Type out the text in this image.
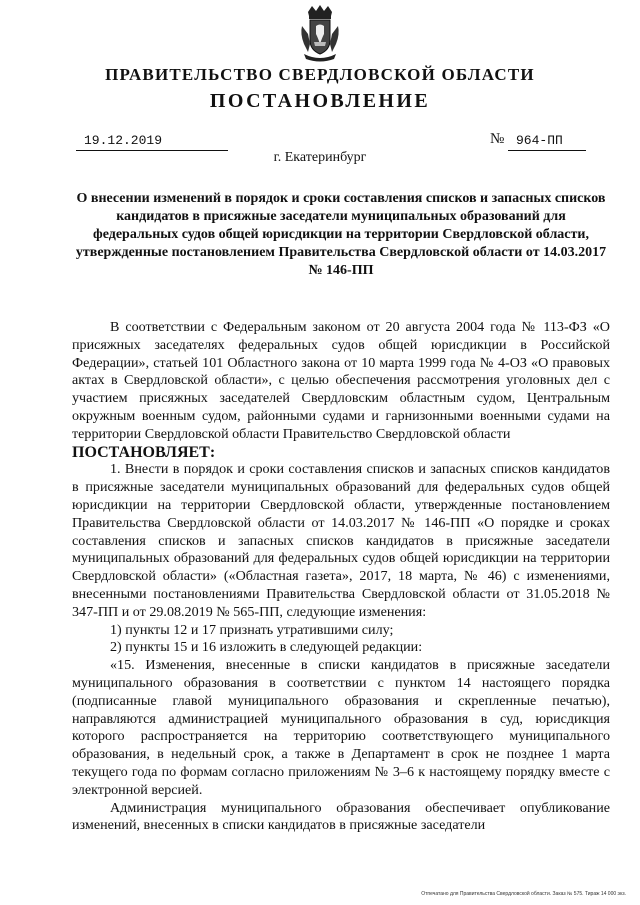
ПРАВИТЕЛЬСТВО СВЕРДЛОВСКОЙ ОБЛАСТИ
ПОСТАНОВЛЕНИЕ
19.12.2019	№ 964-ПП
г. Екатеринбург
О внесении изменений в порядок и сроки составления списков и запасных списков кандидатов в присяжные заседатели муниципальных образований для федеральных судов общей юрисдикции на территории Свердловской области, утвержденные постановлением Правительства Свердловской области от 14.03.2017 № 146-ПП

В соответствии с Федеральным законом от 20 августа 2004 года № 113-ФЗ «О присяжных заседателях федеральных судов общей юрисдикции в Российской Федерации», статьей 101 Областного закона от 10 марта 1999 года № 4-ОЗ «О правовых актах в Свердловской области», с целью обеспечения рассмотрения уголовных дел с участием присяжных заседателей Свердловским областным судом, Центральным окружным военным судом, районными судами и гарнизонными военными судами на территории Свердловской области Правительство Свердловской области

ПОСТАНОВЛЯЕТ:

1. Внести в порядок и сроки составления списков и запасных списков кандидатов в присяжные заседатели муниципальных образований для федеральных судов общей юрисдикции на территории Свердловской области, утвержденные постановлением Правительства Свердловской области от 14.03.2017 № 146-ПП «О порядке и сроках составления списков и запасных списков кандидатов в присяжные заседатели муниципальных образований для федеральных судов общей юрисдикции на территории Свердловской области» («Областная газета», 2017, 18 марта, № 46) с изменениями, внесенными постановлениями Правительства Свердловской области от 31.05.2018 № 347-ПП и от 29.08.2019 № 565-ПП, следующие изменения:

1) пункты 12 и 17 признать утратившими силу;

2) пункты 15 и 16 изложить в следующей редакции:

«15. Изменения, внесенные в списки кандидатов в присяжные заседатели муниципального образования в соответствии с пунктом 14 настоящего порядка (подписанные главой муниципального образования и скрепленные печатью), направляются администрацией муниципального образования в суд, юрисдикция которого распространяется на территорию соответствующего муниципального образования, в недельный срок, а также в Департамент в срок не позднее 1 марта текущего года по формам согласно приложениям № 3–6 к настоящему порядку вместе с электронной версией.

Администрация муниципального образования обеспечивает опубликование изменений, внесенных в списки кандидатов в присяжные заседатели

Отпечатано для Правительства Свердловской области. Заказ № 575. Тираж 14 000 экз.
